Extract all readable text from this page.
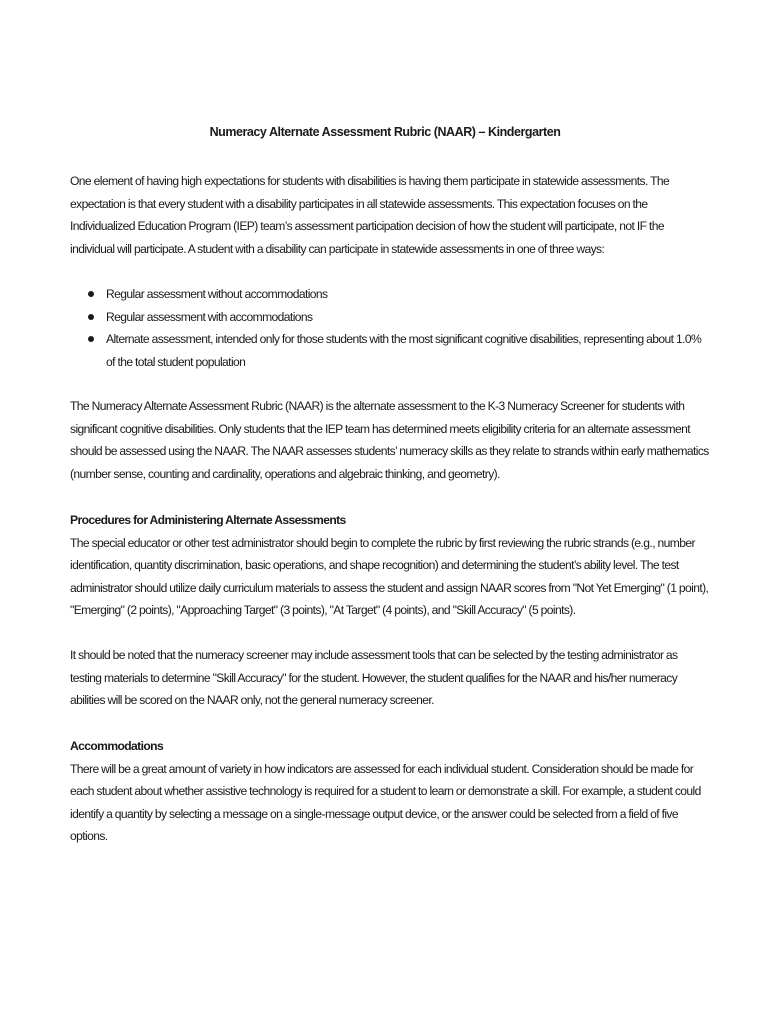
Numeracy Alternate Assessment Rubric (NAAR) – Kindergarten

One element of having high expectations for students with disabilities is having them participate in statewide assessments. The expectation is that every student with a disability participates in all statewide assessments. This expectation focuses on the Individualized Education Program (IEP) team’s assessment participation decision of how the student will participate, not IF the individual will participate. A student with a disability can participate in statewide assessments in one of three ways:

Regular assessment without accommodations
Regular assessment with accommodations
Alternate assessment, intended only for those students with the most significant cognitive disabilities, representing about 1.0% of the total student population

The Numeracy Alternate Assessment Rubric (NAAR) is the alternate assessment to the K-3 Numeracy Screener for students with significant cognitive disabilities. Only students that the IEP team has determined meets eligibility criteria for an alternate assessment should be assessed using the NAAR. The NAAR assesses students’ numeracy skills as they relate to strands within early mathematics (number sense, counting and cardinality, operations and algebraic thinking, and geometry).

Procedures for Administering Alternate Assessments
The special educator or other test administrator should begin to complete the rubric by first reviewing the rubric strands (e.g., number identification, quantity discrimination, basic operations, and shape recognition) and determining the student’s ability level. The test administrator should utilize daily curriculum materials to assess the student and assign NAAR scores from "Not Yet Emerging" (1 point), "Emerging" (2 points), "Approaching Target" (3 points), "At Target" (4 points), and "Skill Accuracy" (5 points).

It should be noted that the numeracy screener may include assessment tools that can be selected by the testing administrator as testing materials to determine "Skill Accuracy" for the student. However, the student qualifies for the NAAR and his/her numeracy abilities will be scored on the NAAR only, not the general numeracy screener.

Accommodations
There will be a great amount of variety in how indicators are assessed for each individual student. Consideration should be made for each student about whether assistive technology is required for a student to learn or demonstrate a skill. For example, a student could identify a quantity by selecting a message on a single-message output device, or the answer could be selected from a field of five options.
